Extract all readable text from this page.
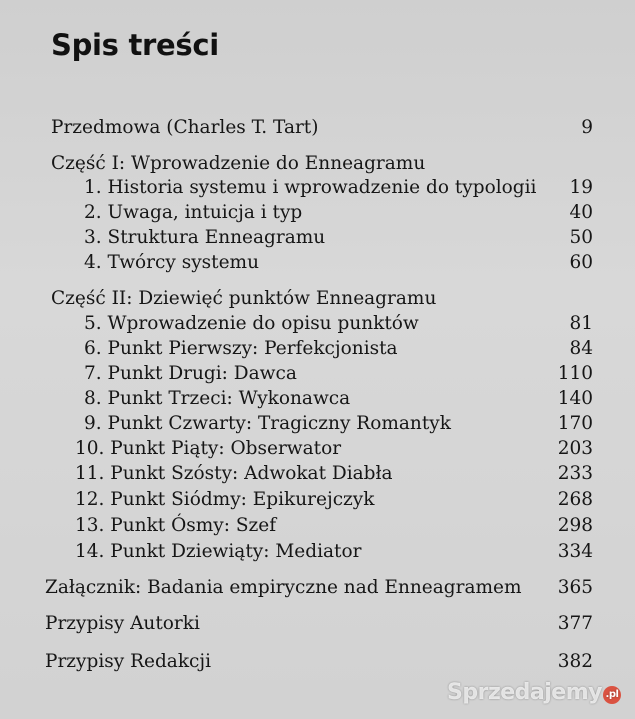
Spis treści
Przedmowa (Charles T. Tart)	9
Część I: Wprowadzenie do Enneagramu
1. Historia systemu i wprowadzenie do typologii 19
2. Uwaga, intuicja i typ	40
3. Struktura Enneagramu	50
4. Twórcy systemu	60
Część II: Dziewięć punktów Enneagramu
5. Wprowadzenie do opisu punktów	81
6. Punkt Pierwszy: Perfekcjonista	84
7. Punkt Drugi: Dawca	110
8. Punkt Trzeci: Wykonawca	140
9. Punkt Czwarty: Tragiczny Romantyk	170
10. Punkt Piąty: Obserwator	203
11. Punkt Szósty: Adwokat Diabła	233
12. Punkt Siódmy: Epikurejczyk	268
13. Punkt Ósmy: Szef	298
14. Punkt Dziewiąty: Mediator	334
Załącznik: Badania empiryczne nad Enneagramem 365
Przypisy Autorki	377
Przypisy Redakcji	382
Sprzedajemy .pl
